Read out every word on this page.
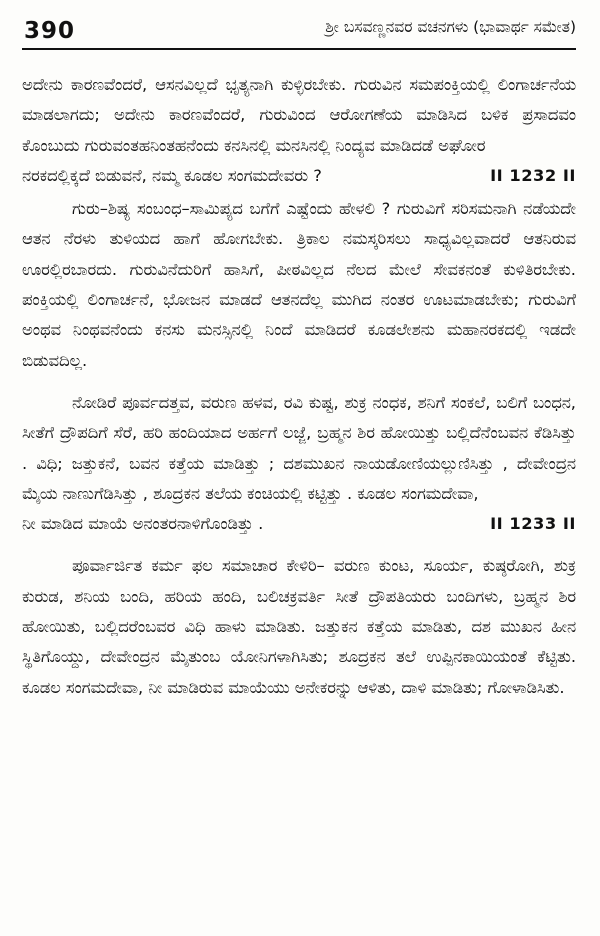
390	ಶ್ರೀ ಬಸವಣ್ಣನವರ ವಚನಗಳು (ಭಾವಾರ್ಥ ಸಮೇತ)

ಅದೇನು ಕಾರಣವೆಂದರೆ, ಆಸನವಿಲ್ಲದೆ ಭೃತ್ಯನಾಗಿ ಕುಳ್ಳಿರಬೇಕು. ಗುರುವಿನ ಸಮಪಂಕ್ತಿಯಲ್ಲಿ ಲಿಂಗಾರ್ಚನೆಯ ಮಾಡಲಾಗದು; ಅದೇನು ಕಾರಣವೆಂದರೆ, ಗುರುವಿಂದ ಆರೋಗಣೆಯ ಮಾಡಿಸಿದ ಬಳಿಕ ಪ್ರಸಾದವಂ ಕೊಂಬುದು ಗುರುವಂತಹನಿಂತಹನೆಂದು ಕನಸಿನಲ್ಲಿ ಮನಸಿನಲ್ಲಿ ನಿಂದ್ಯವ ಮಾಡಿದಡೆ ಅಘೋರ

ನರಕದಲ್ಲಿಕ್ಕದೆ ಬಿಡುವನೆ, ನಮ್ಮ ಕೂಡಲ ಸಂಗಮದೇವರು ?	II 1232 II

ಗುರು–ಶಿಷ್ಯ ಸಂಬಂಧ–ಸಾಮಿಪ್ಯದ ಬಗೆಗೆ ಎಷ್ಟೆಂದು ಹೇಳಲಿ ? ಗುರುವಿಗೆ ಸರಿಸಮನಾಗಿ ನಡೆಯದೇ ಆತನ ನೆರಳು ತುಳಿಯದ ಹಾಗೆ ಹೋಗಬೇಕು. ತ್ರಿಕಾಲ ನಮಸ್ಕರಿಸಲು ಸಾಧ್ಯವಿಲ್ಲವಾದರೆ ಆತನಿರುವ ಊರಲ್ಲಿರಬಾರದು. ಗುರುವಿನೆದುರಿಗೆ ಹಾಸಿಗೆ, ಪೀಠವಿಲ್ಲದ ನೆಲದ ಮೇಲೆ ಸೇವಕನಂತೆ ಕುಳಿತಿರಬೇಕು. ಪಂಕ್ತಿಯಲ್ಲಿ ಲಿಂಗಾರ್ಚನೆ, ಭೋಜನ ಮಾಡದೆ ಆತನದೆಲ್ಲ ಮುಗಿದ ನಂತರ ಊಟಮಾಡಬೇಕು; ಗುರುವಿಗೆ ಅಂಥವ ನಿಂಥವನೆಂದು ಕನಸು ಮನಸ್ಸಿನಲ್ಲಿ ನಿಂದೆ ಮಾಡಿದರೆ ಕೂಡಲೇಶನು ಮಹಾನರಕದಲ್ಲಿ ಇಡದೇ ಬಿಡುವದಿಲ್ಲ.

ನೋಡಿರೆ ಪೂರ್ವದತ್ತವ, ವರುಣ ಹಳವ, ರವಿ ಕುಷ್ಟ, ಶುಕ್ರ ನಂಧಕ, ಶನಿಗೆ ಸಂಕಲೆ, ಬಲಿಗೆ ಬಂಧನ, ಸೀತೆಗೆ ದ್ರೌಪದಿಗೆ ಸೆರೆ, ಹರಿ ಹಂದಿಯಾದ ಅರ್ಹಗೆ ಲಜ್ಜೆ, ಬ್ರಹ್ಮನ ಶಿರ ಹೋಯಿತ್ತು ಬಲ್ಲಿದೆನೆಂಬವನ ಕೆಡಿಸಿತ್ತು . ವಿಧಿ; ಜತ್ತುಕನೆ, ಬವನ ಕತ್ತೆಯ ಮಾಡಿತ್ತು ; ದಶಮುಖನ ನಾಯಡೋಣಿಯಲ್ಲುಣಿಸಿತ್ತು , ದೇವೇಂದ್ರನ ಮೈಯ ನಾಣುಗೆಡಿಸಿತ್ತು , ಶೂದ್ರಕನ ತಲೆಯ ಕಂಚಿಯಲ್ಲಿ ಕಟ್ಟಿತ್ತು . ಕೂಡಲ ಸಂಗಮದೇವಾ,

ನೀ ಮಾಡಿದ ಮಾಯೆ ಅನಂತರನಾಳಿಗೊಂಡಿತ್ತು .	II 1233 II

ಪೂರ್ವಾರ್ಜಿತ ಕರ್ಮ ಫಲ ಸಮಾಚಾರ ಕೇಳಿರಿ– ವರುಣ ಕುಂಟ, ಸೂರ್ಯ, ಕುಷ್ಠರೋಗಿ, ಶುಕ್ರ ಕುರುಡ, ಶನಿಯ ಬಂದಿ, ಹರಿಯ ಹಂದಿ, ಬಲಿಚಕ್ರವರ್ತಿ ಸೀತೆ ದ್ರೌಪತಿಯರು ಬಂದಿಗಳು, ಬ್ರಹ್ಮನ ಶಿರ ಹೋಯಿತು, ಬಲ್ಲಿದರೆಂಬವರ ವಿಧಿ ಹಾಳು ಮಾಡಿತು. ಜತ್ತುಕನ ಕತ್ತೆಯ ಮಾಡಿತು, ದಶ ಮುಖನ ಹೀನ ಸ್ಥಿತಿಗೊಯ್ದು, ದೇವೇಂದ್ರನ ಮೈತುಂಬ ಯೋನಿಗಳಾಗಿಸಿತು; ಶೂದ್ರಕನ ತಲೆ ಉಪ್ಪಿನಕಾಯಿಯಂತೆ ಕೆಟ್ಟಿತು. ಕೂಡಲ ಸಂಗಮದೇವಾ, ನೀ ಮಾಡಿರುವ ಮಾಯೆಯು ಅನೇಕರನ್ನು ಆಳಿತು, ದಾಳಿ ಮಾಡಿತು; ಗೋಳಾಡಿಸಿತು.
